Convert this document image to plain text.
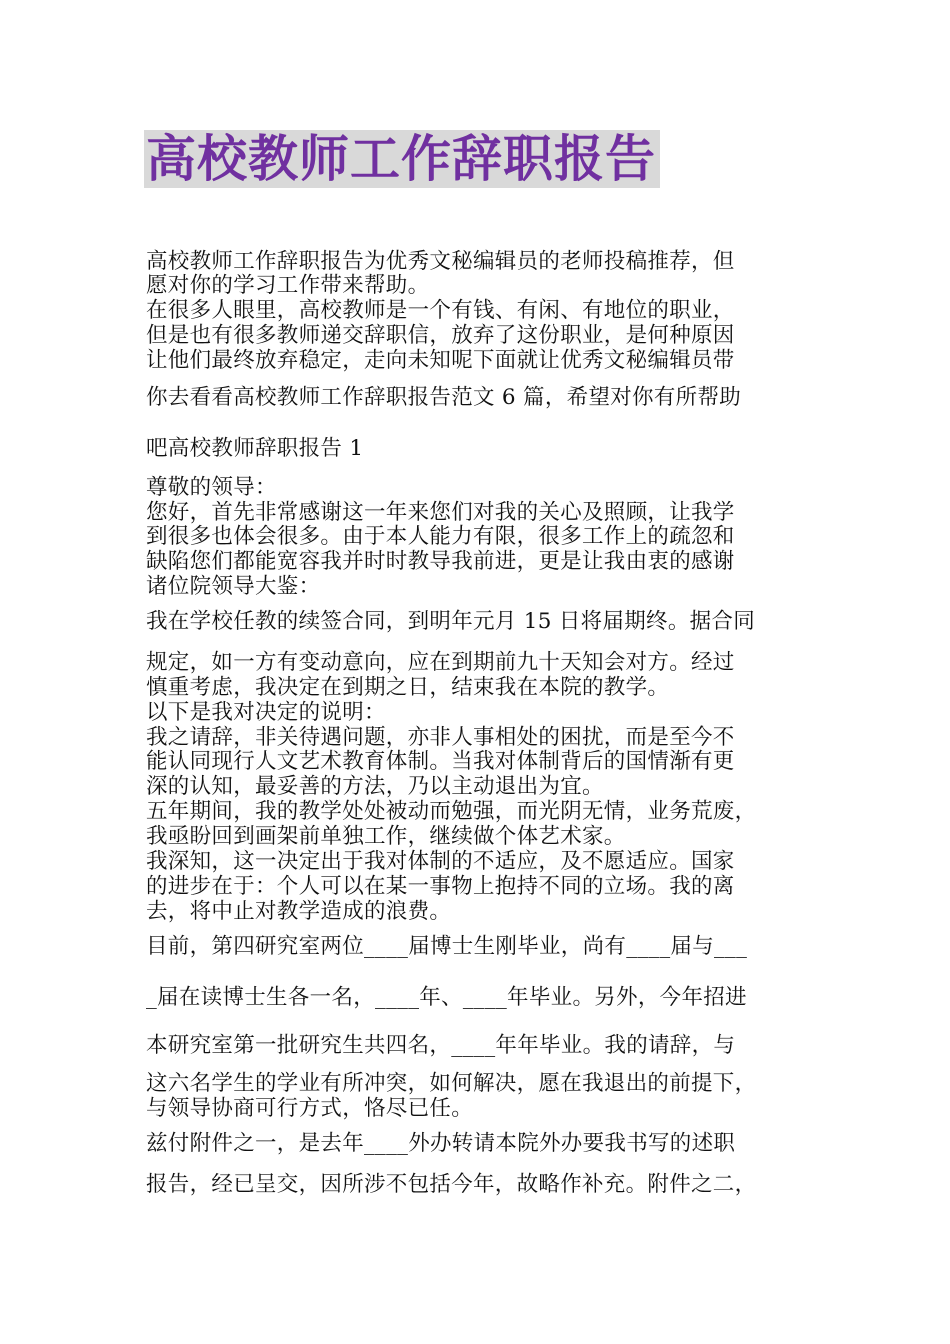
高校教师工作辞职报告
高校教师工作辞职报告为优秀文秘编辑员的老师投稿推荐，但
愿对你的学习工作带来帮助。
在很多人眼里，高校教师是一个有钱、有闲、有地位的职业，
但是也有很多教师递交辞职信，放弃了这份职业，是何种原因
让他们最终放弃稳定，走向未知呢下面就让优秀文秘编辑员带
你去看看高校教师工作辞职报告范文 6 篇，希望对你有所帮助
吧高校教师辞职报告 1
尊敬的领导：
您好，首先非常感谢这一年来您们对我的关心及照顾，让我学
到很多也体会很多。由于本人能力有限，很多工作上的疏忽和
缺陷您们都能宽容我并时时教导我前进，更是让我由衷的感谢
诸位院领导大鉴：
我在学校任教的续签合同，到明年元月 15 日将届期终。据合同
规定，如一方有变动意向，应在到期前九十天知会对方。经过
慎重考虑，我决定在到期之日，结束我在本院的教学。
以下是我对决定的说明：
我之请辞，非关待遇问题，亦非人事相处的困扰，而是至今不
能认同现行人文艺术教育体制。当我对体制背后的国情渐有更
深的认知，最妥善的方法，乃以主动退出为宜。
五年期间，我的教学处处被动而勉强，而光阴无情，业务荒废，
我亟盼回到画架前单独工作，继续做个体艺术家。
我深知，这一决定出于我对体制的不适应，及不愿适应。国家
的进步在于：个人可以在某一事物上抱持不同的立场。我的离
去，将中止对教学造成的浪费。
目前，第四研究室两位____届博士生刚毕业，尚有____届与___
_届在读博士生各一名，____年、____年毕业。另外，今年招进
本研究室第一批研究生共四名，____年年毕业。我的请辞，与
这六名学生的学业有所冲突，如何解决，愿在我退出的前提下，
与领导协商可行方式，恪尽已任。
兹付附件之一，是去年____外办转请本院外办要我书写的述职
报告，经已呈交，因所涉不包括今年，故略作补充。附件之二，
